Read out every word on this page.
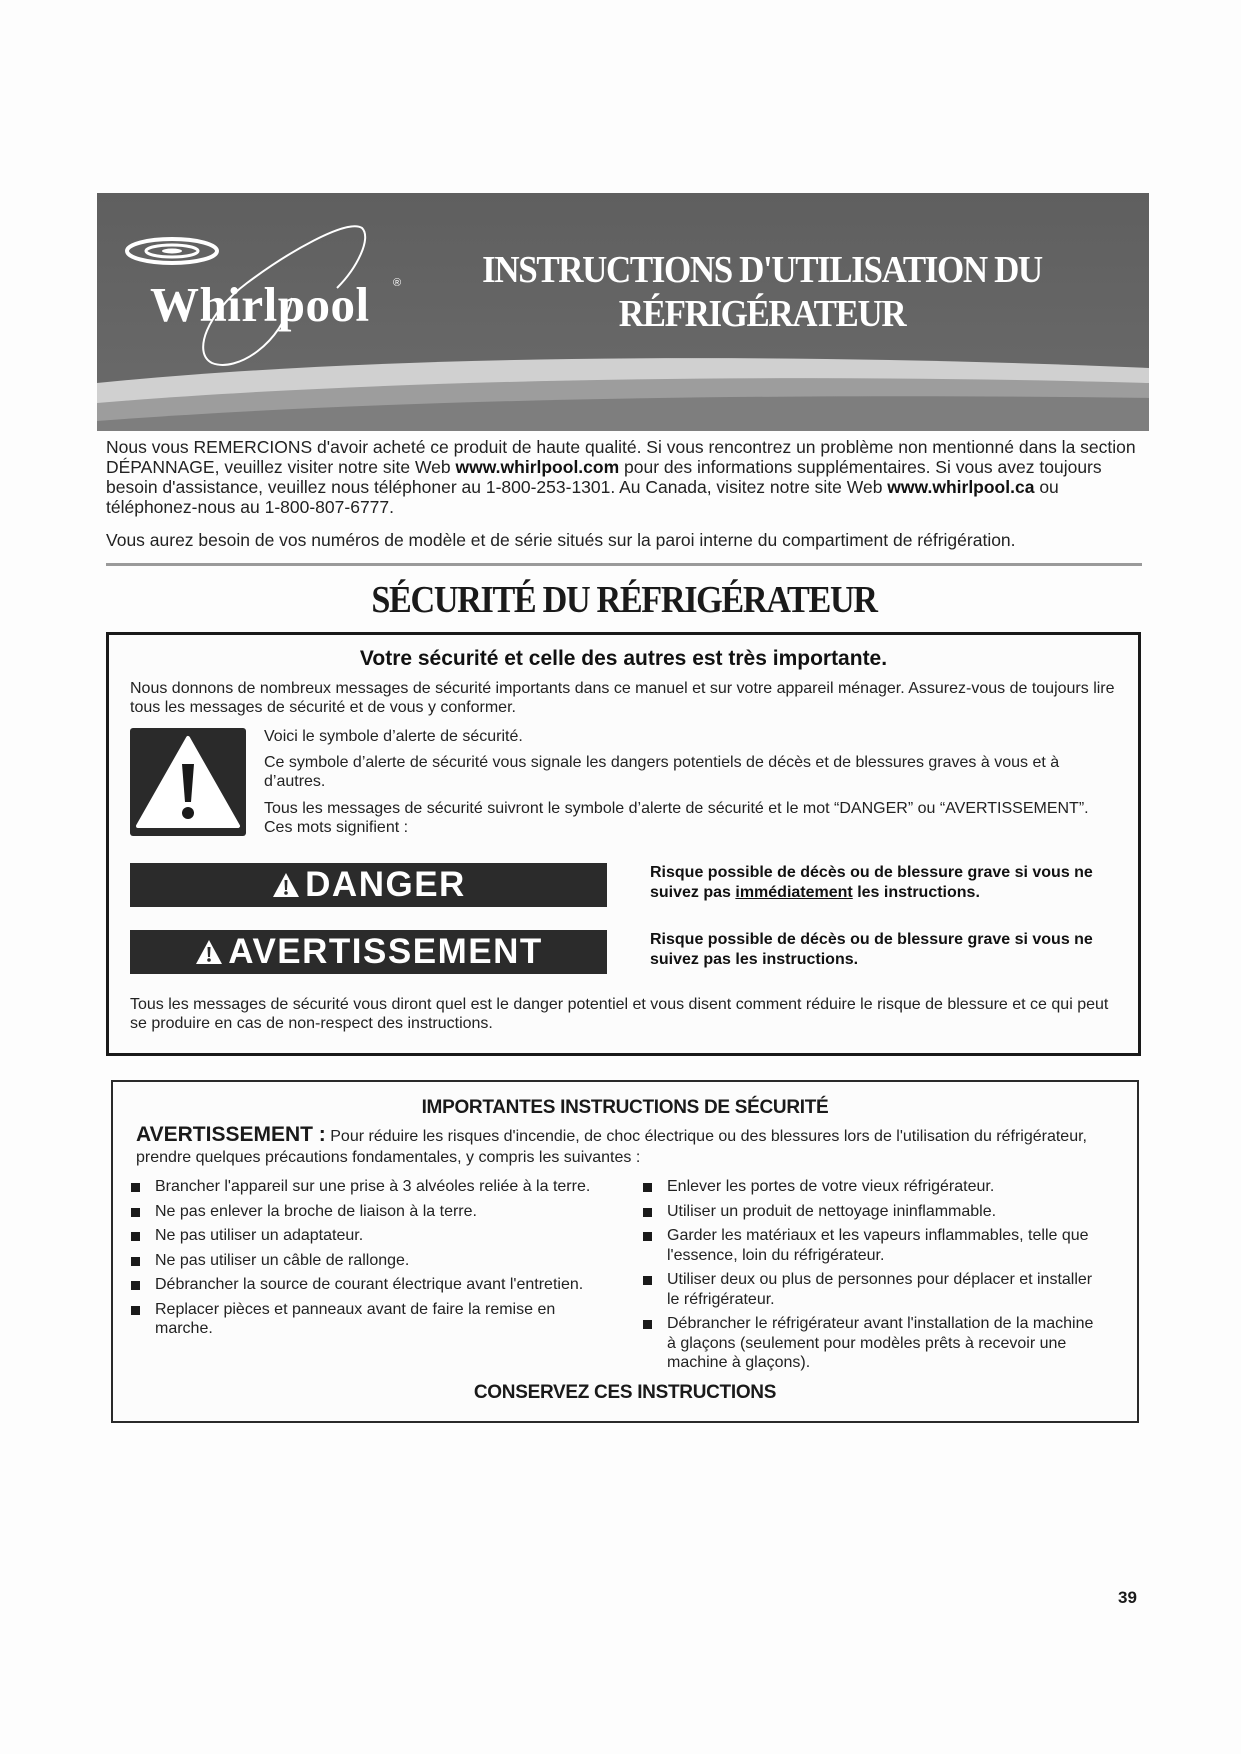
Whirlpool ®	INSTRUCTIONS D'UTILISATION DU
RÉFRIGÉRATEUR
Nous vous REMERCIONS d'avoir acheté ce produit de haute qualité. Si vous rencontrez un problème non mentionné dans la section DÉPANNAGE, veuillez visiter notre site Web www.whirlpool.com pour des informations supplémentaires. Si vous avez toujours besoin d'assistance, veuillez nous téléphoner au 1-800-253-1301. Au Canada, visitez notre site Web www.whirlpool.ca ou téléphonez-nous au 1-800-807-6777.
Vous aurez besoin de vos numéros de modèle et de série situés sur la paroi interne du compartiment de réfrigération.
SÉCURITÉ DU RÉFRIGÉRATEUR
Votre sécurité et celle des autres est très importante.
Nous donnons de nombreux messages de sécurité importants dans ce manuel et sur votre appareil ménager. Assurez-vous de toujours lire tous les messages de sécurité et de vous y conformer.
Voici le symbole d’alerte de sécurité.
Ce symbole d’alerte de sécurité vous signale les dangers potentiels de décès et de blessures graves à vous et à d’autres.
Tous les messages de sécurité suivront le symbole d’alerte de sécurité et le mot “DANGER” ou “AVERTISSEMENT”. Ces mots signifient :
DANGER	Risque possible de décès ou de blessure grave si vous ne suivez pas immédiatement les instructions.
AVERTISSEMENT	Risque possible de décès ou de blessure grave si vous ne suivez pas les instructions.
Tous les messages de sécurité vous diront quel est le danger potentiel et vous disent comment réduire le risque de blessure et ce qui peut se produire en cas de non-respect des instructions.
IMPORTANTES INSTRUCTIONS DE SÉCURITÉ
AVERTISSEMENT : Pour réduire les risques d'incendie, de choc électrique ou des blessures lors de l'utilisation du réfrigérateur, prendre quelques précautions fondamentales, y compris les suivantes :
Brancher l'appareil sur une prise à 3 alvéoles reliée à la terre.
Ne pas enlever la broche de liaison à la terre.
Ne pas utiliser un adaptateur.
Ne pas utiliser un câble de rallonge.
Débrancher la source de courant électrique avant l'entretien.
Replacer pièces et panneaux avant de faire la remise en marche.
Enlever les portes de votre vieux réfrigérateur.
Utiliser un produit de nettoyage ininflammable.
Garder les matériaux et les vapeurs inflammables, telle que l'essence, loin du réfrigérateur.
Utiliser deux ou plus de personnes pour déplacer et installer le réfrigérateur.
Débrancher le réfrigérateur avant l'installation de la machine à glaçons (seulement pour modèles prêts à recevoir une machine à glaçons).
CONSERVEZ CES INSTRUCTIONS
39
